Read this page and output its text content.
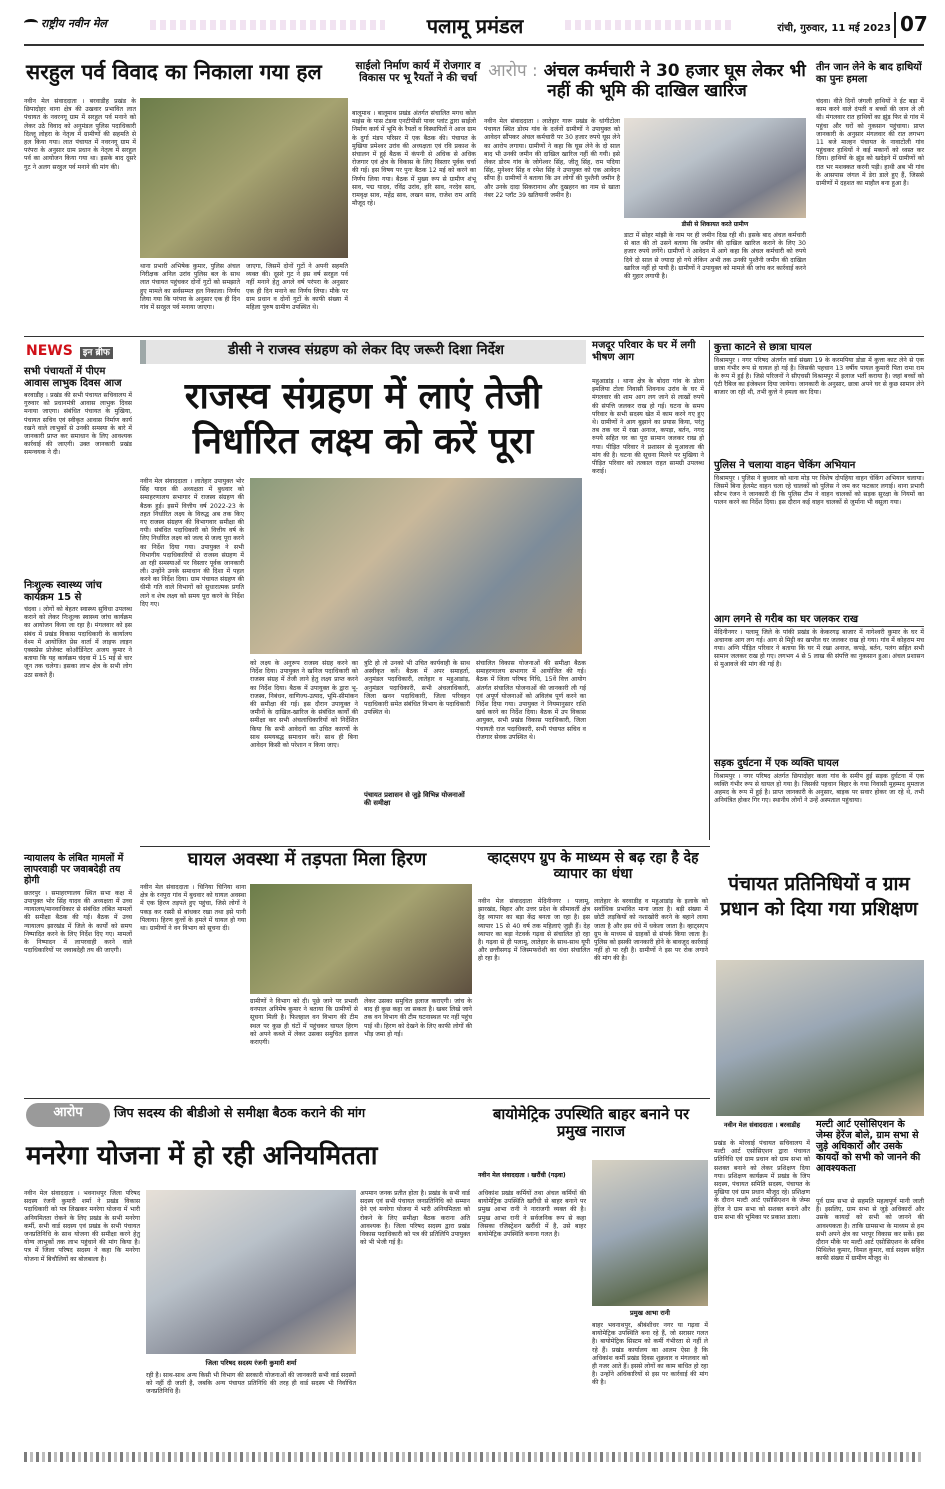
राष्ट्रीय नवीन मेल	पलामू प्रमंडल	रांची, गुरुवार, 11 मई 2023 07
सरहुल पर्व विवाद का निकाला गया हल
नवीन मेल संवाददाता । बरवाडीह प्रखंड के छिपादोहर थाना क्षेत्र की उखवार प्रभावित लात पंचायत के नवरनगू ग्राम में सरहुल पर्व मनाने को लेकर उठे विवाद को अनुमंडल पुलिस पदाधिकारी दिल्लू लोहरा के नेतृत्व में ग्रामीणों की सहमति से हल किया गया। लात पंचायत में नवरनगू ग्राम में परंपरा के अनुसार ग्राम प्रधान के नेतृत्व में सरहुल पर्व का आयोजन किया गया था। इसके बाद दूसरे गुट ने अलग सरहुल पर्व मनाने की मांग की।
थाना प्रभारी अभिषेक कुमार, पुलिस अंचल निरीक्षक अनिल उरांव पुलिस बल के साथ लात पंचायत पहुंचकर दोनों गुटों को समझाते हुए मामले का सर्वसम्मत हल निकाला। निर्णय लिया गया कि परंपरा के अनुसार एक ही दिन गांव में सरहुल पर्व मनाया जाएगा।
जाएगा, जिसमें दोनों गुटों ने अपनी सहमति व्यक्त की। दूसरे गुट ने इस वर्ष सरहुल पर्व नहीं मनाने हेतु अगले वर्ष परंपरा के अनुसार एक ही दिन मनाने का निर्णय लिया। मौके पर ग्राम प्रधान व दोनों गुटों के काफी संख्या में महिला पुरुष ग्रामीण उपस्थित थे।
साईलो निर्माण कार्य में रोजगार व विकास पर भू रैयतों ने की चर्चा
बालूमाथ । बालूमाथ प्रखंड अंतर्गत संचालित मगध कोल माइंस के पास टंडवा एनटीपीसी पावर प्लांट द्वारा साईलो निर्माण कार्य में भूमि के रैयतों व विस्थापितों ने आज ग्राम के दुर्गा मंडप परिसर में एक बैठक की। पंचायत के मुखिया प्रमेश्वर उरांव की अध्यक्षता एवं रवि प्रकाश के संचालन में हुई बैठक में कंपनी से अधिक से अधिक रोजगार एवं क्षेत्र के विकास के लिए विस्तार पूर्वक चर्चा की गई। इस विषय पर पुनः बैठक 12 मई को करने का निर्णय लिया गया। बैठक में मुख्य रूप से ग्रामीण शंभू साव, पद्म यादव, रविंद्र उरांव, हरि साव, नरदेव साव, रामवृक्ष साव, महेंद्र साव, लखन साव, राजेश राम आदि मौजूद रहे।
आरोप : अंचल कर्मचारी ने 30 हजार घूस लेकर भी नहीं की भूमि की दाखिल खारिज
नवीन मेल संवाददाता । लातेहार गारू प्रखंड के धांगीटोला पंचायत स्थित डोरम गांव के दर्जनों ग्रामीणों ने उपायुक्त को आवेदन सौंपकर अंचल कर्मचारी पर 30 हजार रुपये घूस लेने का आरोप लगाया। ग्रामीणों ने कहा कि घूस लेने के दो साल बाद भी उनकी जमीन की दाखिल खारिज नहीं की गयी। इसे लेकर डोरम गांव के जोगेश्वर सिंह, जीतू सिंह, राम पदिया सिंह, मुनेश्वर सिंह व रमेश सिंह ने उपायुक्त को एक आवेदन सौंपा है। ग्रामीणों ने बताया कि उन लोगों की पुश्तैनी जमीन है और उनके दादा सिकरानाथ और दुखहरन का नाम से खाता नंबर 22 प्लॉट 39 खतियानी जमीन है।
डीसी से शिकायत करते ग्रामीण
डाटा में सोहर मांझी के नाम पर ही जमीन दिख रही थी। इसके बाद अंचल कर्मचारी से बात की तो उसने बताया कि जमीन की दाखिल खारिज कराने के लिए 30 हजार रुपये लगेंगे। ग्रामीणों ने आवेदन में आगे कहा कि अंचल कर्मचारी को रुपये दिये दो साल से ज्यादा हो गये लेकिन अभी तक उनकी पुश्तैनी जमीन की दाखिल खारिज नहीं हो पायी है। ग्रामीणों ने उपायुक्त को मामले की जांच कर कार्रवाई करने की गुहार लगायी है।
तीन जान लेने के बाद हाथियों का पुनः हमला
चंदवा। वीते दिनों जंगली हाथियों ने ईट बड़ा में काम करने वाले दंपती व बच्चों की जान ले ली थी। मंगलवार रात हाथियों का झुंड फिर से गांव में पहुंचा और घरों को नुकसान पहुंचाया। प्राप्त जानकारी के अनुसार मंगलवार की रात लगभग 11 बजे माल्हन पंचायत के नावाटोली गांव पहुंचकर हाथियों ने कई मकानों को ध्वस्त कर दिया। हाथियों के झुंड को खदेड़ने में ग्रामीणों को रात भर मशक्कत करनी पड़ी। हाथी अब भी गांव के आसपास जंगल में डेरा डाले हुए हैं, जिससे ग्रामीणों में दहशत का माहौल बना हुआ है।
NEWS इन ब्रीफ
सभी पंचायतों में पीएम आवास लाभुक दिवस आज
बरवाडीह । प्रखंड की सभी पंचायत सचिवालय में गुरुवार को प्रधानमंत्री आवास लाभुक दिवस मनाया जाएगा। संबंधित पंचायत के मुखिया, पंचायत सचिव एवं स्वीकृत आवास निर्माण कार्य रखने वाले लाभुकों से उनकी समस्या के बारे में जानकारी प्राप्त कर समाधान के लिए आवश्यक कार्रवाई की जाएगी। उक्त जानकारी प्रखंड समन्वयक ने दी।
निःशुल्क स्वास्थ्य जांच कार्यक्रम 15 से
चंदवा । लोगों को बेहतर स्वास्थ्य सुविधा उपलब्ध कराने को लेकर निःशुल्क स्वास्थ्य जांच कार्यक्रम का आयोजन किया जा रहा है। मंगलवार को इस संबंध में प्रखंड विकास पदाधिकारी के कार्यालय वेश्म में आयोजित प्रेस वार्ता में लाइफ लाइन एक्सप्रेस प्रोजेक्ट कोऑर्डिनेटर अजय कुमार ने बताया कि यह कार्यक्रम चंदवा में 15 मई से चार जून तक चलेगा। इसका लाभ क्षेत्र के सभी लोग उठा सकते हैं।
न्यायालय के लंबित मामलों में लापरवाही पर जवाबदेही तय होगी
छतरपुर । समाहरणालय स्थित सभा कक्ष में उपायुक्त भोर सिंह यादव की अध्यक्षता में उच्च न्यायालय/मानवाधिकार से संबंधित लंबित मामलों की समीक्षा बैठक की गई। बैठक में उच्च न्यायालय झारखंड में जिले के कार्यों को समय निष्पादित करने के लिए निर्देश दिए गए। मामलों के निष्पादन में लापरवाही करने वाले पदाधिकारियों पर जवाबदेही तय की जाएगी।
डीसी ने राजस्व संग्रहण को लेकर दिए जरूरी दिशा निर्देश
राजस्व संग्रहण में लाएं तेजी निर्धारित लक्ष्य को करें पूरा
नवीन मेल संवाददाता । लातेहार उपायुक्त भोर सिंह यादव की अध्यक्षता में बुधवार को समाहरणालय सभागार में राजस्व संग्रहण की बैठक हुई। इसमें वित्तीय वर्ष 2022-23 के तहत निर्धारित लक्ष्य के विरुद्ध अब तक किए गए राजस्व संग्रहण की विभागवार समीक्षा की गयी। संबंधित पदाधिकारी को वित्तीय वर्ष के लिए निर्धारित लक्ष्य को जल्द से जल्द पूरा करने का निर्देश दिया गया। उपायुक्त ने सभी विभागीय पदाधिकारियों से राजस्व संग्रहण में आ रही समस्याओं पर विस्तार पूर्वक जानकारी ली। उन्होंने उनके समाधान की दिशा में पहल करने का निर्देश दिया। ग्राम पंचायत संग्रहण की धीमी गति वाले विभागों को सुधारात्मक प्रगति लाने व शेष लक्ष्य को समय पूरा करने के निर्देश दिए गए।
को लक्ष्य के अनुरूप राजस्व संग्रह करने का निर्देश दिया। उपायुक्त ने खनिज पदाधिकारी को राजस्व संग्रह में तेजी लाने हेतु लक्ष्य प्राप्त करने का निर्देश दिया। बैठक में उपायुक्त के द्वारा भू-राजस्व, निबंधन, वाणिज्य-उत्पाद, भूमि-सीमांकन की समीक्षा की गई। इस दौरान उपायुक्त ने जमीनों के दाखिल-खारिज के संबंधित कार्यों की समीक्षा कर सभी अंचलाधिकारियों को निर्देशित किया कि सभी आवेदनों का उचित कारणों के साथ समयबद्ध समाधान करें। साथ ही बिना आवेदन किसी को परेशान न किया जाए।
त्रुटि हो तो उनको भी उचित कार्यवाही के साथ अस्वीकृत करें। बैठक में अपर समाहर्ता, अनुमंडल पदाधिकारी, लातेहार व महुआडांड़, अनुमंडल पदाधिकारी, सभी अंचलाधिकारी, जिला खनन पदाधिकारी, जिला परिवहन पदाधिकारी समेत संबंधित विभाग के पदाधिकारी उपस्थित थे।
पंचायत प्रशासन से जुड़े विभिन्न योजनाओं की समीक्षा
संचालित विकास योजनाओं की समीक्षा बैठक समाहरणालय सभागार में आयोजित की गई। बैठक में जिला परिषद निधि, 15वें वित्त आयोग अंतर्गत संचालित योजनाओं की जानकारी ली गई एवं अपूर्ण योजनाओं को अविलंब पूर्ण करने का निर्देश दिया गया। उपायुक्त ने नियमानुसार राशि खर्च करने का निर्देश दिया। बैठक में उप विकास आयुक्त, सभी प्रखंड विकास पदाधिकारी, जिला पंचायती राज पदाधिकारी, सभी पंचायत सचिव व रोजगार सेवक उपस्थित थे।
मजदूर परिवार के घर में लगी भीषण आग
महुआडांड़ । थाना क्षेत्र के बोदरा गांव के डोला इमलिया टोला निवासी शिवनाथ उरांव के घर में मंगलवार की शाम आग लग जाने से लाखों रुपये की संपत्ति जलकर राख हो गई। घटना के समय परिवार के सभी सदस्य खेत में काम करने गए हुए थे। ग्रामीणों ने आग बुझाने का प्रयास किया, परंतु तब तक घर में रखा अनाज, कपड़ा, बर्तन, नगद रुपये सहित घर का पूरा सामान जलकर राख हो गया। पीड़ित परिवार ने प्रशासन से मुआवजा की मांग की है। घटना की सूचना मिलने पर मुखिया ने पीड़ित परिवार को तत्काल राहत सामग्री उपलब्ध कराई।
कुत्ता काटने से छात्रा घायल
विश्रामपुर । नगर परिषद अंतर्गत वार्ड संख्या 19 के करमपिया डोडा में कुत्ता काट लेने से एक छात्रा गंभीर रूप से घायल हो गई है। जिसकी पहचान 13 वर्षीय पायल कुमारी पिता रामा राम के रूप में हुई है। जिसे परिजनों ने सीएचसी विश्रामपुर में इलाज भर्ती कराया है। जहां बच्चों को एंटी रैबिज का इंजेक्शन दिया जायेगा। जानकारी के अनुसार, छात्रा अपने घर से कुछ सामान लेने बाजार जा रही थी, तभी कुत्ते ने हमला कर दिया।
पुलिस ने चलाया वाहन चेकिंग अभियान
विश्रामपुर । पुलिस ने बुधवार को थाना मोड़ पर विशेष दोपहिया वाहन चेकिंग अभियान चलाया। जिसमें बिना हेलमेट वाहन चला रहे चालकों को पुलिस ने जम कर फटकार लगाई। थाना प्रभारी सौरभ रंजन ने जानकारी दी कि पुलिस टीम ने वाहन चालकों को सड़क सुरक्षा के नियमों का पालन करने का निर्देश दिया। इस दौरान कई वाहन चालकों से जुर्माना भी वसूला गया।
आग लगने से गरीब का घर जलकर राख
मेदिनीनगर । पलामू जिले के पांकी प्रखंड के केकरगढ़ बाजार में नागेश्वरी कुमार के घर में अचानक आग लग गई। आग से मिट्टी का खपरैल घर जलकर राख हो गया। गांव में कोहराम मच गया। अग्नि पीड़ित परिवार ने बताया कि घर में रखा अनाज, कपड़े, बर्तन, पलंग सहित सभी सामान जलकर राख हो गए। लगभग 4 से 5 लाख की संपत्ति का नुकसान हुआ। अंचल प्रशासन से मुआवजे की मांग की गई है।
सड़क दुर्घटना में एक व्यक्ति घायल
विश्रामपुर । नगर परिषद अंतर्गत छिपादोहर कला गांव के समीप हुई सड़क दुर्घटना में एक व्यक्ति गंभीर रूप से घायल हो गया है। जिसकी पहचान बिहार के गया निवासी मुहम्मद मुमताज अहमद के रूप में हुई है। प्राप्त जानकारी के अनुसार, बाइक पर सवार होकर जा रहे थे, तभी अनियंत्रित होकर गिर गए। स्थानीय लोगों ने उन्हें अस्पताल पहुंचाया।
घायल अवस्था में तड़पता मिला हिरण
नवीन मेल संवाददाता । चिनिया चिनिया थाना क्षेत्र के रनपुरा गांव में बुधवार को घायल अवस्था में एक हिरण तड़पते हुए पहुंचा, जिसे लोगों ने पकड़ कर रस्सी से बांधकर रखा तथा इसे पानी पिलाया। हिरण कुत्तों के हमले में घायल हो गया था। ग्रामीणों ने वन विभाग को सूचना दी।
ग्रामीणों ने विभाग को दी। पूछे जाने पर प्रभारी वनपाल अनिमेष कुमार ने बताया कि ग्रामीणों से सूचना मिली है। फिलहाल वन विभाग की टीम स्थल पर कुछ ही घंटों में पहुंचकर घायल हिरण को अपने कब्जे में लेकर उसका समुचित इलाज कराएगी।
लेकर उसका समुचित इलाज कराएगी। जांच के बाद ही कुछ कहा जा सकता है। खबर लिखे जाने तक वन विभाग की टीम घटनास्थल पर नहीं पहुंच पाई थी। हिरण को देखने के लिए काफी लोगों की भीड़ जमा हो गई।
व्हाट्सएप ग्रुप के माध्यम से बढ़ रहा है देह व्यापार का धंधा
नवीन मेल संवाददाता मेदिनीनगर । पलामू, झारखंड, बिहार और उत्तर प्रदेश के सीमावर्ती क्षेत्र देह व्यापार का बड़ा केंद्र बनता जा रहा है। इस व्यापार 15 से 40 वर्ष तक महिलाएं जुड़ी हैं। देह व्यापार का बड़ा नेटवर्क गढ़वा से संचालित हो रहा है। गढ़वा से ही पलामू, लातेहार के साथ-साथ यूपी और छत्तीसगढ़ में जिस्मफरोशी का धंधा संचालित हो रहा है।
लातेहार के बरवाडीह व महुआडांड़ के इलाके को सर्वाधिक प्रभावित माना जाता है। बड़ी संख्या में छोटी लड़कियों को नशाखोरी करने के बहाने लाया जाता है और इस धंधे में धकेला जाता है। व्हाट्सएप ग्रुप के माध्यम से ग्राहकों से संपर्क किया जाता है। पुलिस को इसकी जानकारी होने के बावजूद कार्रवाई नहीं हो पा रही है। ग्रामीणों ने इस पर रोक लगाने की मांग की है।
पंचायत प्रतिनिधियों व ग्राम प्रधान को दिया गया प्रशिक्षण
आरोप	जिप सदस्य की बीडीओ से समीक्षा बैठक कराने की मांग
मनरेगा योजना में हो रही अनियमितता
नवीन मेल संवाददाता । भवनाथपुर जिला परिषद सदस्य रंजनी कुमारी शर्मा ने प्रखंड विकास पदाधिकारी को पत्र लिखकर मनरेगा योजना में भारी अनियमितता रोकने के लिए प्रखंड के सभी मनरेगा कर्मी, सभी वार्ड सदस्य एवं प्रखंड के सभी पंचायत जनप्रतिनिधि के साथ योजना की समीक्षा करने हेतु योग्य लाभुकों तक लाभ पहुंचाने की मांग किया है। पत्र में जिला परिषद सदस्य ने कहा कि मनरेगा योजना में बिचौलियों का बोलबाला है।
जिला परिषद सदस्य रंजनी कुमारी शर्मा
रही है। साथ-साथ अन्य किसी भी विभाग की सरकारी योजनाओं की जानकारी सभी वार्ड सदस्यों को नहीं दी जाती है, जबकि अन्य पंचायत प्रतिनिधि की तरह ही वार्ड सदस्य भी निर्वाचित जनप्रतिनिधि हैं।
अपमान जनक प्रतीत होता है। प्रखंड के सभी वार्ड सदस्य एवं सभी पंचायत जनप्रतिनिधि को सम्मान देने एवं मनरेगा योजना में भारी अनियमितता को रोकने के लिए समीक्षा बैठक कराना अति आवश्यक है। जिला परिषद सदस्य द्वारा प्रखंड विकास पदाधिकारी को पत्र की प्रतिलिपि उपायुक्त को भी भेजी गई है।
बायोमेट्रिक उपस्थिति बाहर बनाने पर प्रमुख नाराज
नवीन मेल संवाददाता । खरौंधी (गढ़वा)
अधिकांश प्रखंड कर्मियों तथा अंचल कर्मियों की बायोमेट्रिक उपस्थिति खरौंधी से बाहर बनाने पर प्रमुख आभा रानी ने नाराजगी व्यक्त की है। प्रमुख आभा रानी ने सर्वजनिक रूप से कहा जिसका रजिस्ट्रेशन खरौंधी में है, उसे बाहर बायोमेट्रिक उपस्थिति बनाना गलत है।
प्रमुख आभा रानी
बाहर भवनाथपुर, श्रीबंशीधर नगर या गढ़वा में बायोमेट्रिक उपस्थिति बना रहे हैं, जो सरासर गलत है। बायोमेट्रिक सिस्टम को कर्मी गंभीरता से नहीं ले रहे हैं। प्रखंड कार्यालय का आलम ऐसा है कि अधिकांश कर्मी प्रखंड दिवस शुक्रवार व मंगलवार को ही नजर आते हैं। इससे लोगों का काम बाधित हो रहा है। उन्होंने अधिकारियों से इस पर कार्रवाई की मांग की है।
नवीन मेल संवाददाता । बरवाडीह
प्रखंड के मोरवाई पंचायत सचिवालय में मल्टी आर्ट एसोसिएशन द्वारा पंचायत प्रतिनिधि एवं ग्राम प्रधान को ग्राम सभा को सशक्त बनाने को लेकर प्रशिक्षण दिया गया। प्रशिक्षण कार्यक्रम में प्रखंड के जिप सदस्य, पंचायत समिति सदस्य, पंचायत के मुखिया एवं ग्राम प्रधान मौजूद रहे। प्रशिक्षण के दौरान मल्टी आर्ट एसोसिएशन के जेम्स हेरेंज ने ग्राम सभा को सशक्त बनाने और ग्राम सभा की भूमिका पर प्रकाश डाला।
मल्टी आर्ट एसोसिएशन के जेम्स हेरेंज बोले, ग्राम सभा से जुड़े अधिकारों और उसके कायदों को सभी को जानने की आवश्यकता
पूर्व ग्राम सभा से सहमति महत्वपूर्ण मानी जाती है। इसलिए, ग्राम सभा से जुड़े अधिकारों और उसके कायदों को सभी को जानने की आवश्यकता है। ताकि ग्रामसभा के माध्यम से हम सभी अपने क्षेत्र का भरपूर विकास कर सकें। इस दौरान मौके पर मल्टी आर्ट एसोसिएशन के सचिव मिथिलेश कुमार, विमल कुमार, वार्ड सदस्य सहित काफी संख्या में ग्रामीण मौजूद थे।
